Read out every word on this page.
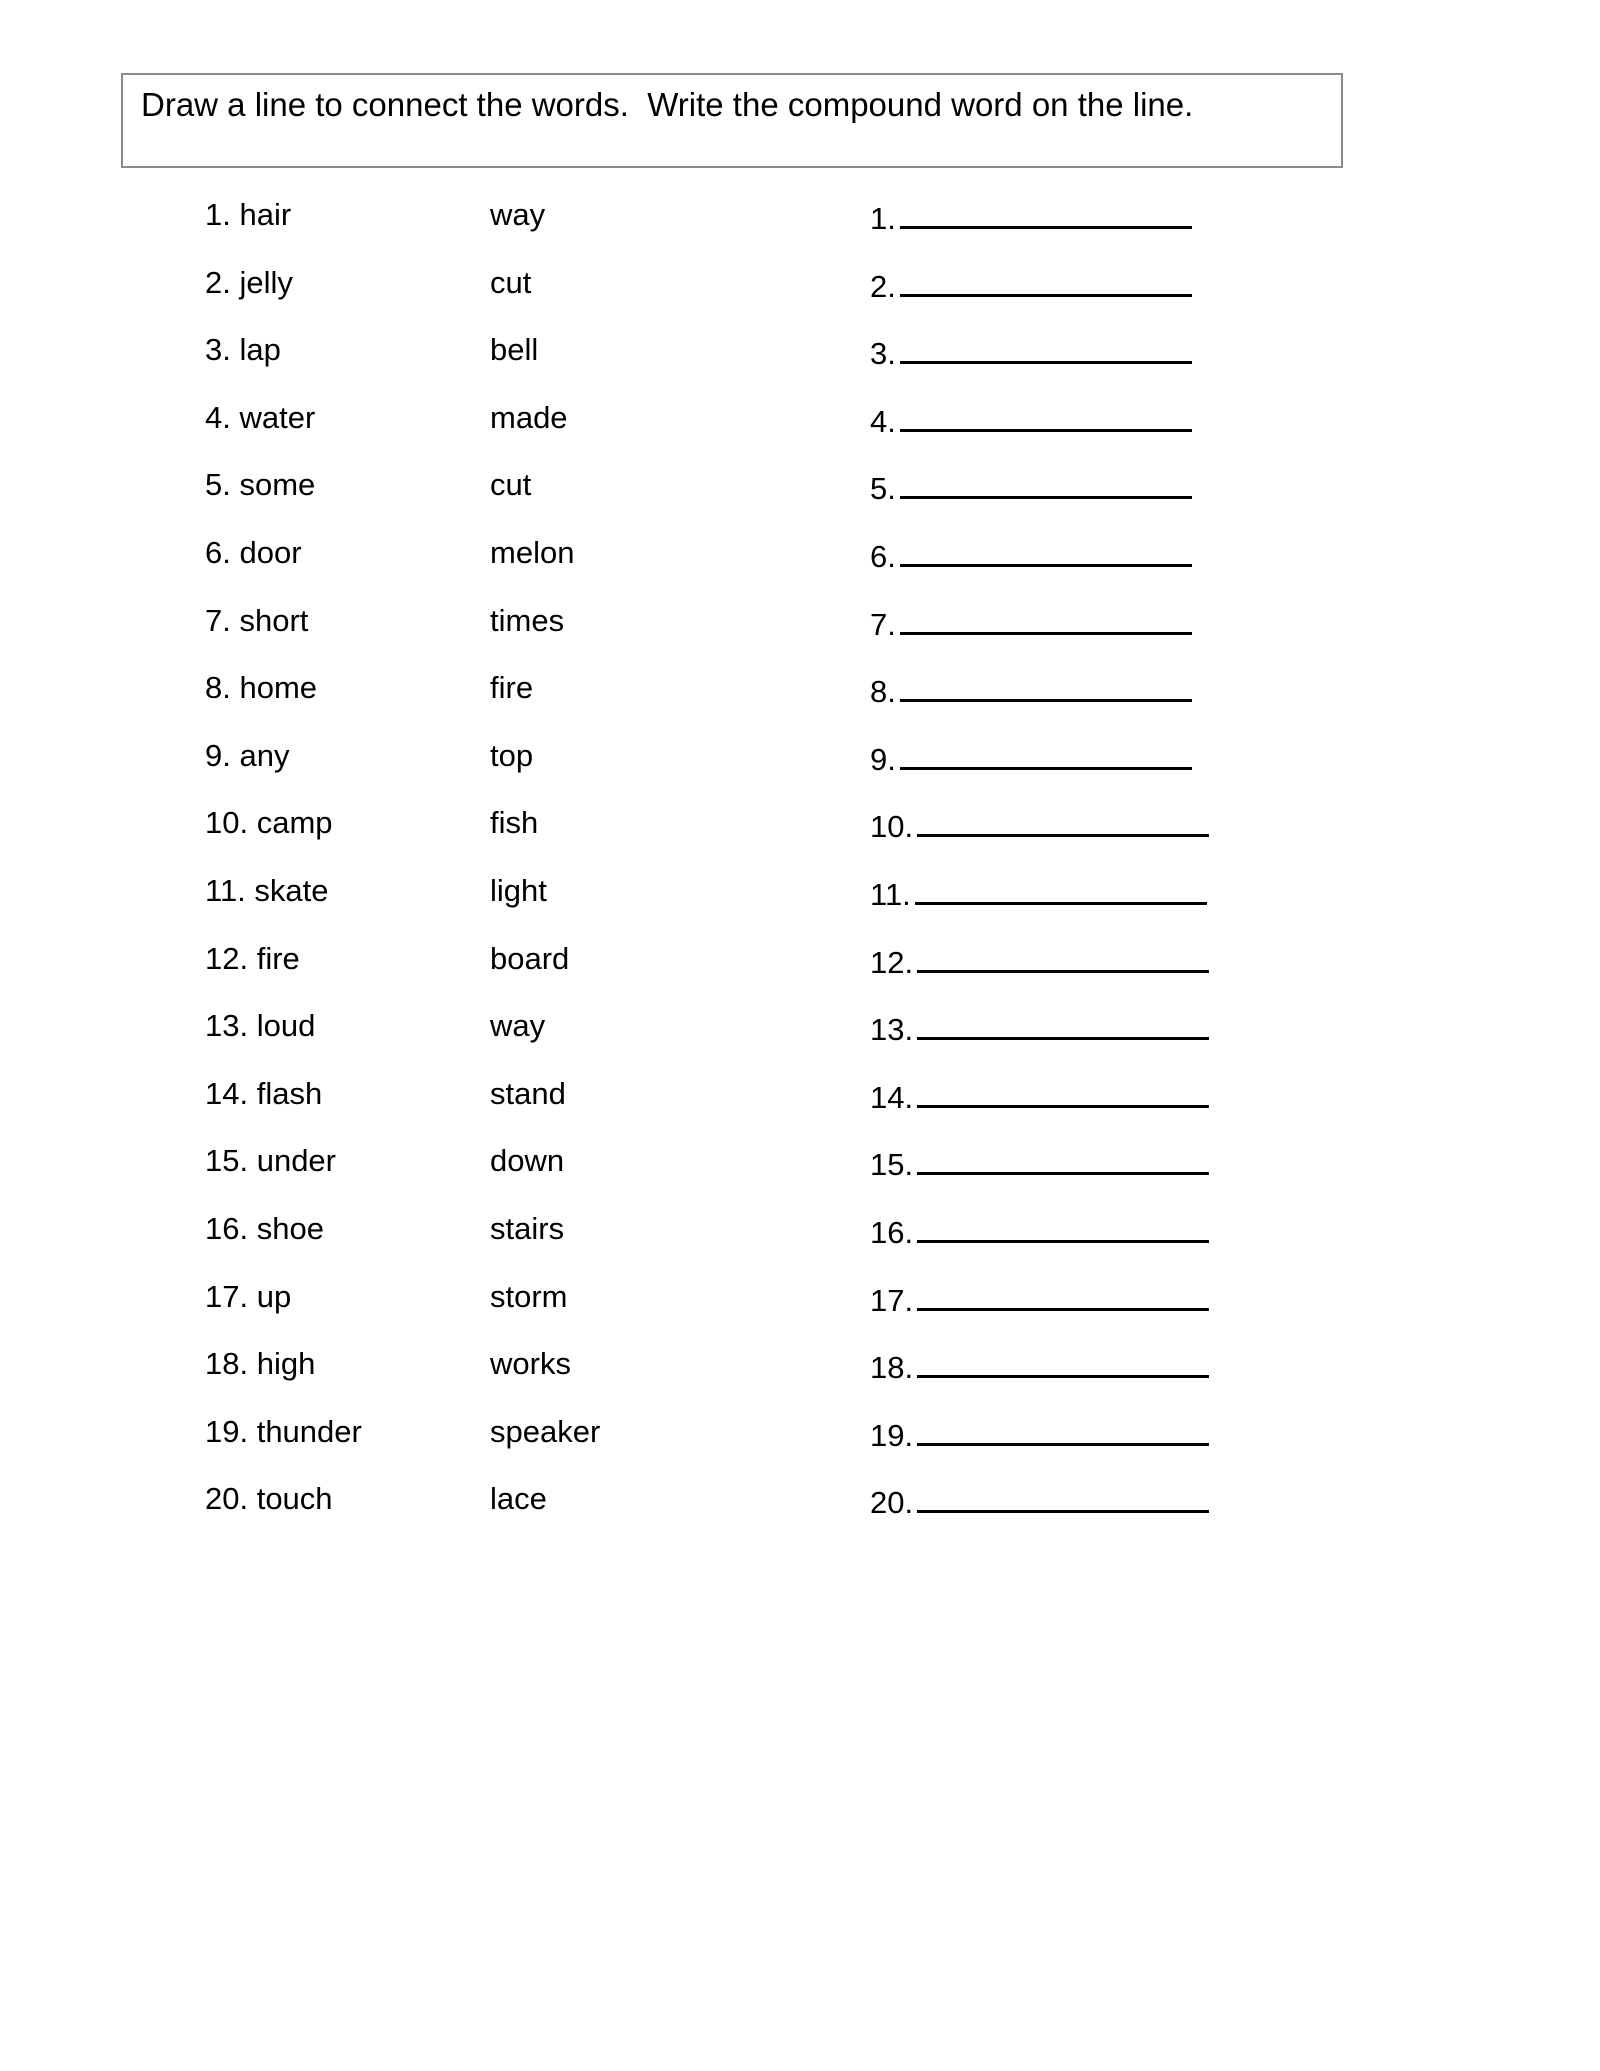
Draw a line to connect the words.  Write the compound word on the line.
1. hair	way	1.
2. jelly	cut	2.
3. lap	bell	3.
4. water	made	4.
5. some	cut	5.
6. door	melon	6.
7. short	times	7.
8. home	fire	8.
9. any	top	9.
10. camp	fish	10.
11. skate	light	11.
12. fire	board	12.
13. loud	way	13.
14. flash	stand	14.
15. under	down	15.
16. shoe	stairs	16.
17. up	storm	17.
18. high	works	18.
19. thunder	speaker	19.
20. touch	lace	20.
